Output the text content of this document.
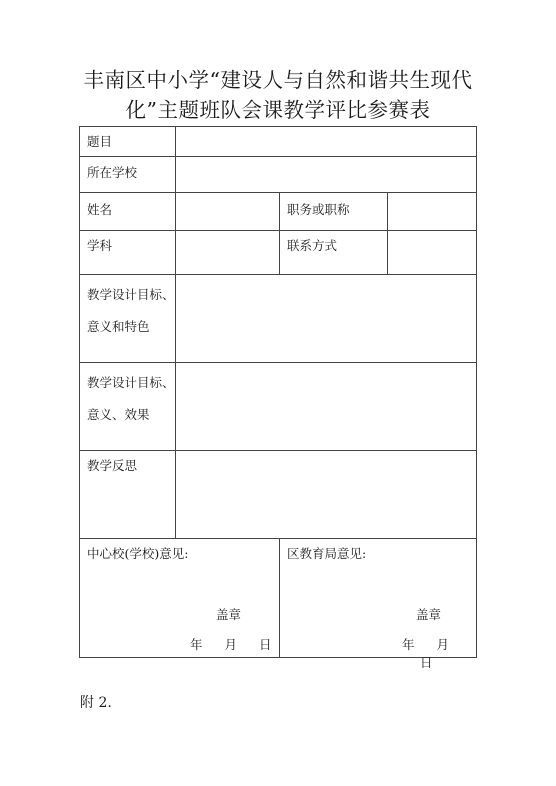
丰南区中小学“建设人与自然和谐共生现代
化”主题班队会课教学评比参赛表
题目
所在学校
姓名	职务或职称
学科	联系方式
教学设计目标、
意义和特色
教学设计目标、
意义、效果
教学反思
中心校(学校)意见:
盖章
年 月 日
区教育局意见:
盖章
年 月 日
附 2.
